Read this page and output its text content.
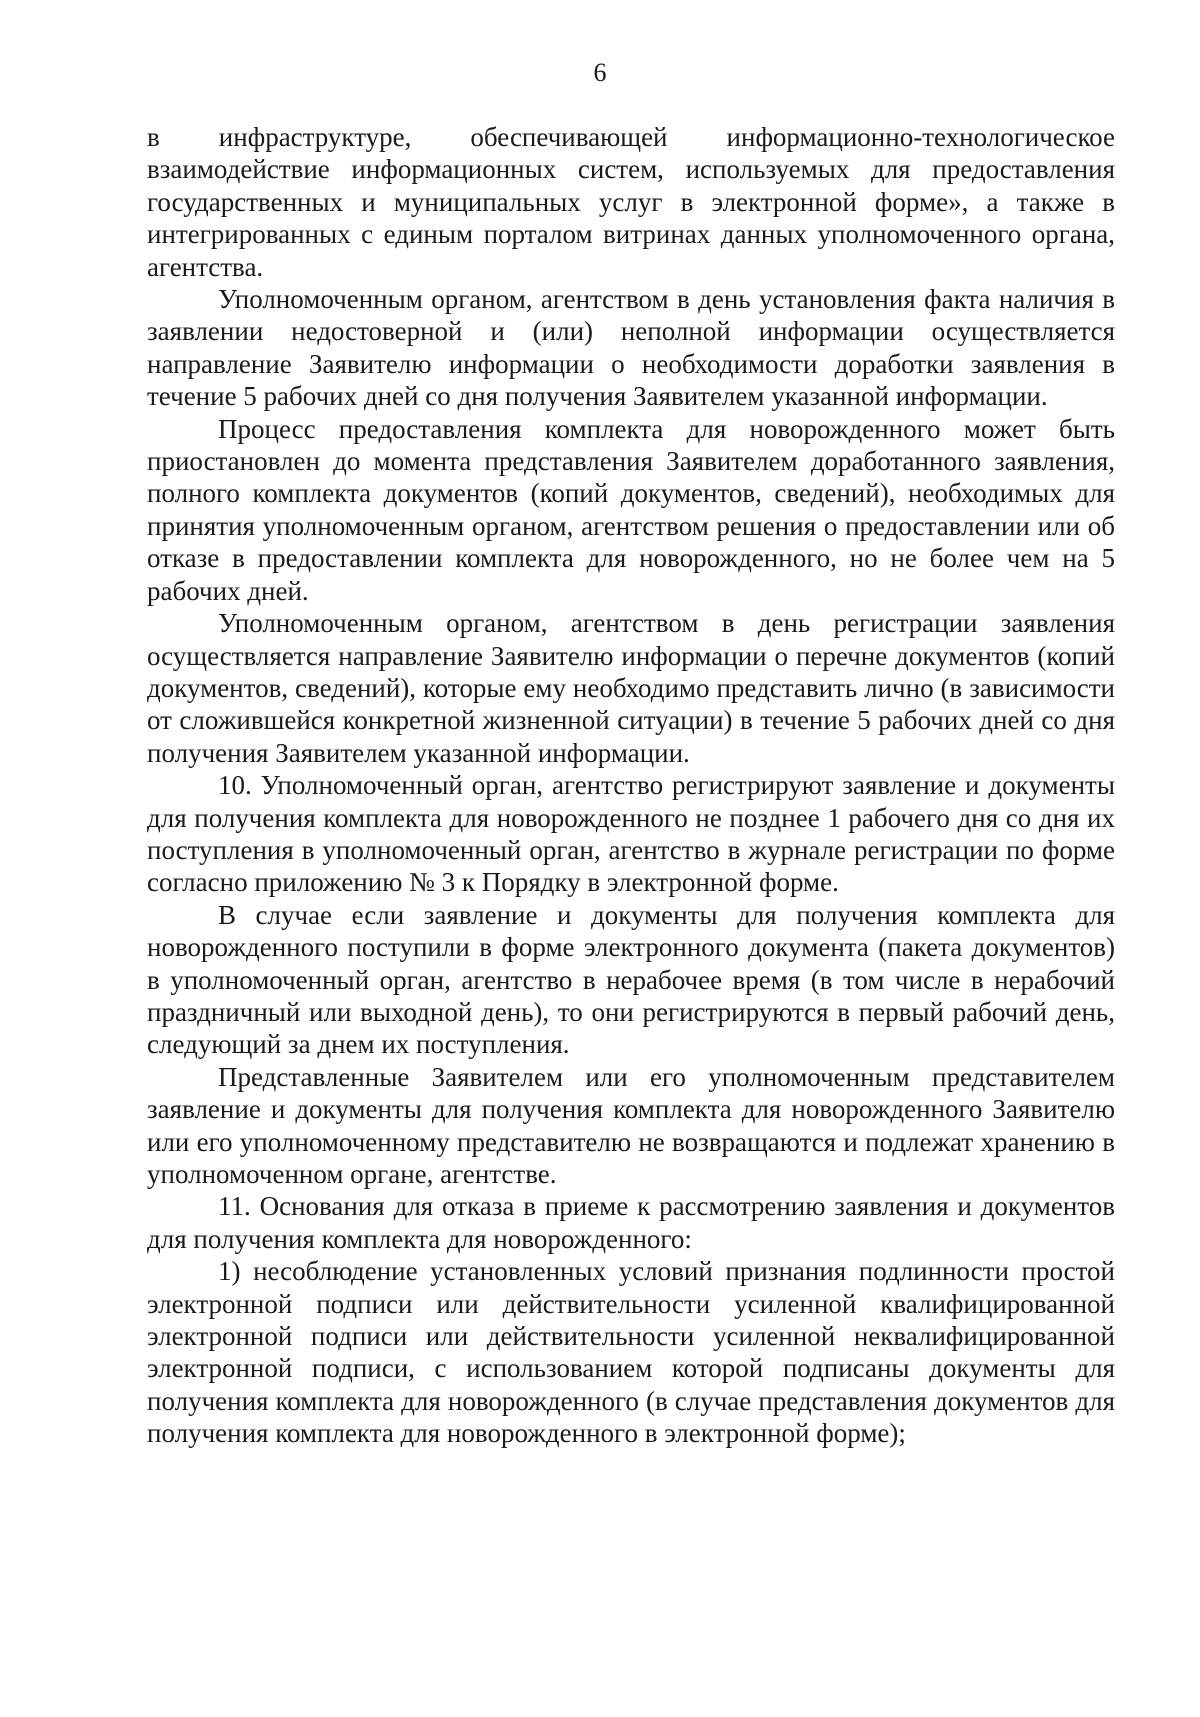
6

в инфраструктуре, обеспечивающей информационно-технологическое взаимодействие информационных систем, используемых для предоставления государственных и муниципальных услуг в электронной форме», а также в интегрированных с единым порталом витринах данных уполномоченного органа, агентства.

Уполномоченным органом, агентством в день установления факта наличия в заявлении недостоверной и (или) неполной информации осуществляется направление Заявителю информации о необходимости доработки заявления в течение 5 рабочих дней со дня получения Заявителем указанной информации.

Процесс предоставления комплекта для новорожденного может быть приостановлен до момента представления Заявителем доработанного заявления, полного комплекта документов (копий документов, сведений), необходимых для принятия уполномоченным органом, агентством решения о предоставлении или об отказе в предоставлении комплекта для новорожденного, но не более чем на 5 рабочих дней.

Уполномоченным органом, агентством в день регистрации заявления осуществляется направление Заявителю информации о перечне документов (копий документов, сведений), которые ему необходимо представить лично (в зависимости от сложившейся конкретной жизненной ситуации) в течение 5 рабочих дней со дня получения Заявителем указанной информации.

10. Уполномоченный орган, агентство регистрируют заявление и документы для получения комплекта для новорожденного не позднее 1 рабочего дня со дня их поступления в уполномоченный орган, агентство в журнале регистрации по форме согласно приложению № 3 к Порядку в электронной форме.

В случае если заявление и документы для получения комплекта для новорожденного поступили в форме электронного документа (пакета документов) в уполномоченный орган, агентство в нерабочее время (в том числе в нерабочий праздничный или выходной день), то они регистрируются в первый рабочий день, следующий за днем их поступления.

Представленные Заявителем или его уполномоченным представителем заявление и документы для получения комплекта для новорожденного Заявителю или его уполномоченному представителю не возвращаются и подлежат хранению в уполномоченном органе, агентстве.

11. Основания для отказа в приеме к рассмотрению заявления и документов для получения комплекта для новорожденного:

1) несоблюдение установленных условий признания подлинности простой электронной подписи или действительности усиленной квалифицированной электронной подписи или действительности усиленной неквалифицированной электронной подписи, с использованием которой подписаны документы для получения комплекта для новорожденного (в случае представления документов для получения комплекта для новорожденного в электронной форме);
